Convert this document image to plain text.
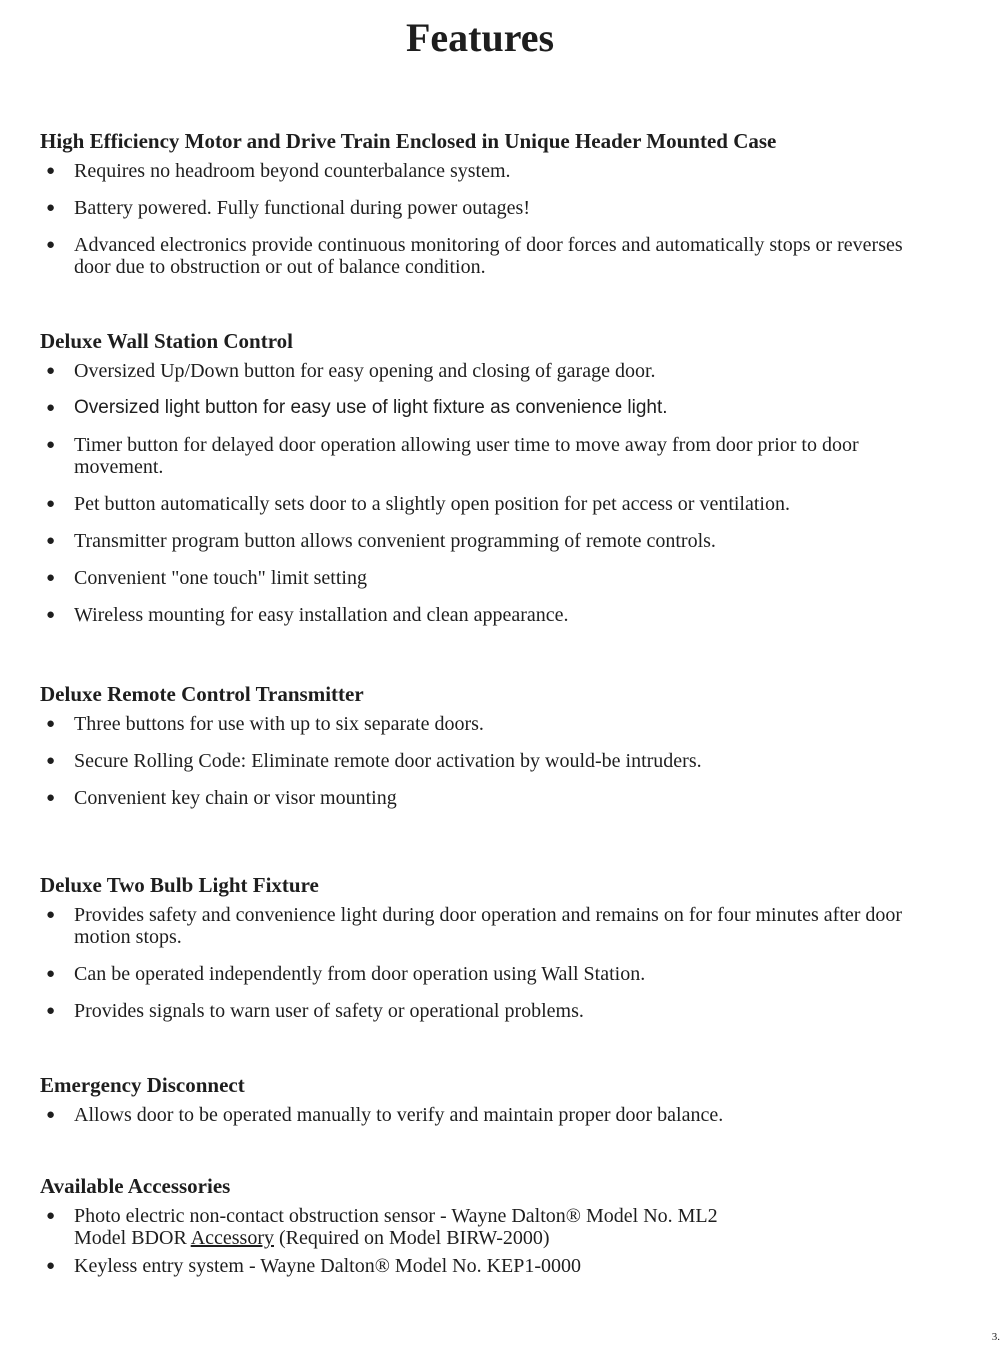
Features
High Efficiency Motor and Drive Train Enclosed in Unique Header Mounted Case
● Requires no headroom beyond counterbalance system.
● Battery powered. Fully functional during power outages!
● Advanced electronics provide continuous monitoring of door forces and automatically stops or reverses door due to obstruction or out of balance condition.
Deluxe Wall Station Control
● Oversized Up/Down button for easy opening and closing of garage door.
● Oversized light button for easy use of light fixture as convenience light.
● Timer button for delayed door operation allowing user time to move away from door prior to door movement.
● Pet button automatically sets door to a slightly open position for pet access or ventilation.
● Transmitter program button allows convenient programming of remote controls.
● Convenient "one touch" limit setting
● Wireless mounting for easy installation and clean appearance.
Deluxe Remote Control Transmitter
● Three buttons for use with up to six separate doors.
● Secure Rolling Code: Eliminate remote door activation by would-be intruders.
● Convenient key chain or visor mounting
Deluxe Two Bulb Light Fixture
● Provides safety and convenience light during door operation and remains on for four minutes after door motion stops.
● Can be operated independently from door operation using Wall Station.
● Provides signals to warn user of safety or operational problems.
Emergency Disconnect
● Allows door to be operated manually to verify and maintain proper door balance.
Available Accessories
● Photo electric non-contact obstruction sensor - Wayne Dalton® Model No. ML2
Model BDOR Accessory (Required on Model BIRW-2000)
● Keyless entry system - Wayne Dalton® Model No. KEP1-0000
3.
